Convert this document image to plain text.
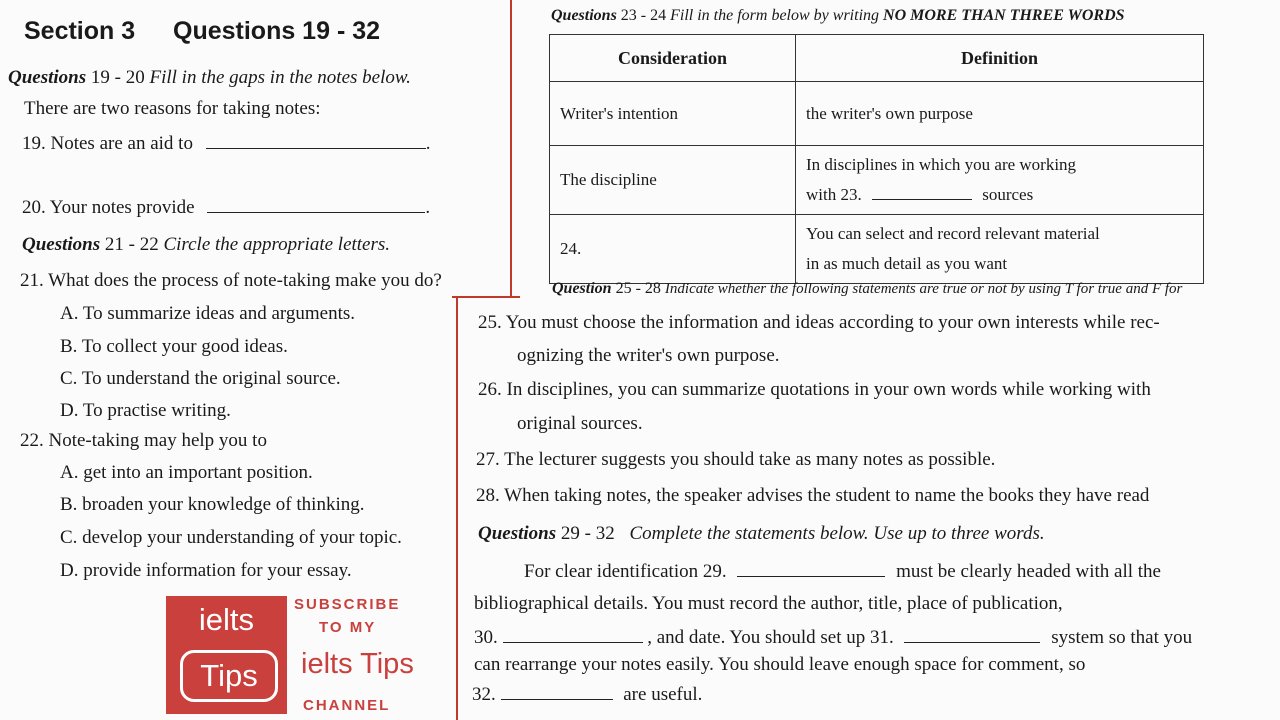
Section 3 Questions 19 - 32
Questions 19 - 20 Fill in the gaps in the notes below.
There are two reasons for taking notes:
19. Notes are an aid to	.
20. Your notes provide	.
Questions 21 - 22 Circle the appropriate letters.
21. What does the process of note-taking make you do?
A. To summarize ideas and arguments.
B. To collect your good ideas.
C. To understand the original source.
D. To practise writing.
22. Note-taking may help you to
A. get into an important position.
B. broaden your knowledge of thinking.
C. develop your understanding of your topic.
D. provide information for your essay.
Questions 23 - 24 Fill in the form below by writing NO MORE THAN THREE WORDS
Consideration	Definition
Writer's intention	the writer's own purpose
The discipline	In disciplines in which you are working
with 23. sources

24.	You can select and record relevant material
in as much detail as you want
Question 25 - 28 Indicate whether the following statements are true or not by using T for true and F for
25. You must choose the information and ideas according to your own interests while rec-
ognizing the writer's own purpose.
26. In disciplines, you can summarize quotations in your own words while working with
original sources.
27. The lecturer suggests you should take as many notes as possible.
28. When taking notes, the speaker advises the student to name the books they have read
Questions 29 - 32 Complete the statements below. Use up to three words.
For clear identification 29.	must be clearly headed with all the
bibliographical details. You must record the author, title, place of publication,
30.	, and date. You should set up 31.	system so that you
can rearrange your notes easily. You should leave enough space for comment, so
32.	are useful.
ielts
Tips
SUBSCRIBE
TO MY
ielts Tips
CHANNEL
